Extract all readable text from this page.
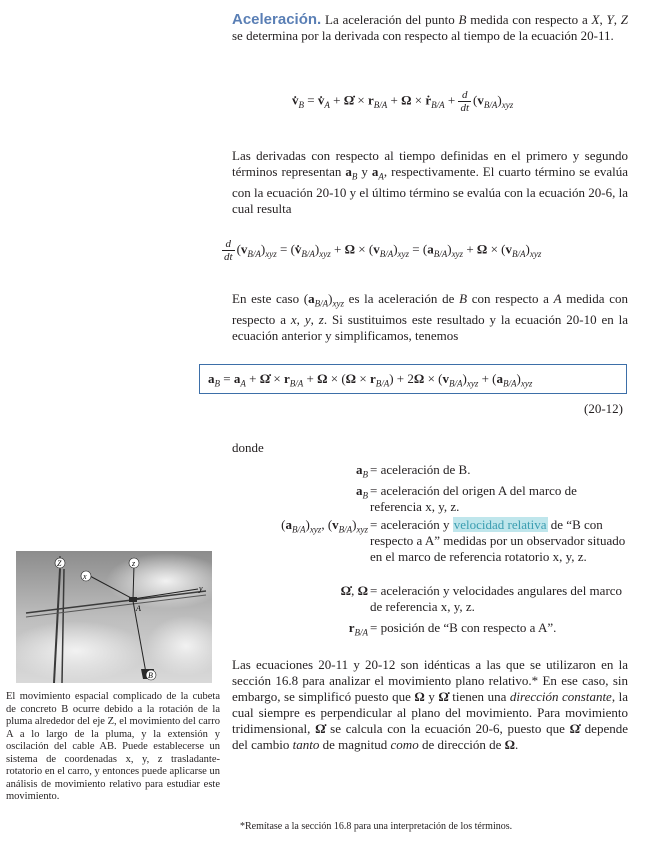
Aceleración. La aceleración del punto B medida con respecto a X, Y, Z se determina por la derivada con respecto al tiempo de la ecuación 20-11.
$v̇_B$ = $v̇_A$ + Ω̇ × $r_{B/A} + \Omega$ × ṙ$_{B/A}$ + $\frac{d}{dt} (v_{B/A})_{xyz}$
Las derivadas con respecto al tiempo definidas en el primero y segundo términos representan $a_B$ y $a_A$, respectivamente. El cuarto término se evalúa con la ecuación 20-10 y el último término se evalúa con la ecuación 20-6, la cual resulta
$\frac{d}{dt} (v_{B/A})_{xyz}$ = $(v̇_{B/A})_{xyz} + \Omega \times (v_{B/A})_{xyz} = (a_{B/A})_{xyz} + \Omega \times (v_{B/A})_{xyz}$
En este caso $(a_{B/A})_{xyz}$ es la aceleración de B con respecto a A medida con respecto a x, y, z. Si sustituimos este resultado y la ecuación 20-10 en la ecuación anterior y simplificamos, tenemos
$a_B = a_A$ + Ω̇ × $r_{B/A} + \Omega \times (\Omega \times r_{B/A}) + 2\Omega \times (v_{B/A})_{xyz} + (a_{B/A})_{xyz}$
(20-12)
donde
$a_B$ = aceleración de B.
$a_B$ = aceleración del origen A del marco de referencia x, y, z.
$(a_{B/A})_{xyz}$, $(v_{B/A})_{xyz}$ = aceleración y velocidad relativa de “B con respecto a A” medidas por un observador situado en el marco de referencia rotatorio x, y, z.
Ω̇, Ω = aceleración y velocidades angulares del marco de referencia x, y, z.
$r_{B/A}$ = posición de “B con respecto a A”.
Z	z
x
y
A
B
El movimiento espacial complicado de la cubeta de concreto B ocurre debido a la rotación de la pluma alrededor del eje Z, el movimiento del carro A a lo largo de la pluma, y la extensión y oscilación del cable AB. Puede establecerse un sistema de coordenadas x, y, z trasladante-rotatorio en el carro, y entonces puede aplicarse un análisis de movimiento relativo para estudiar este movimiento.
Las ecuaciones 20-11 y 20-12 son idénticas a las que se utilizaron en la sección 16.8 para analizar el movimiento plano relativo.* En ese caso, sin embargo, se simplificó puesto que Ω y Ω̇ tienen una dirección constante, la cual siempre es perpendicular al plano del movimiento. Para movimiento tridimensional, Ω̇ se calcula con la ecuación 20-6, puesto que Ω̇ depende del cambio tanto de magnitud como de dirección de Ω.
*Remítase a la sección 16.8 para una interpretación de los términos.
